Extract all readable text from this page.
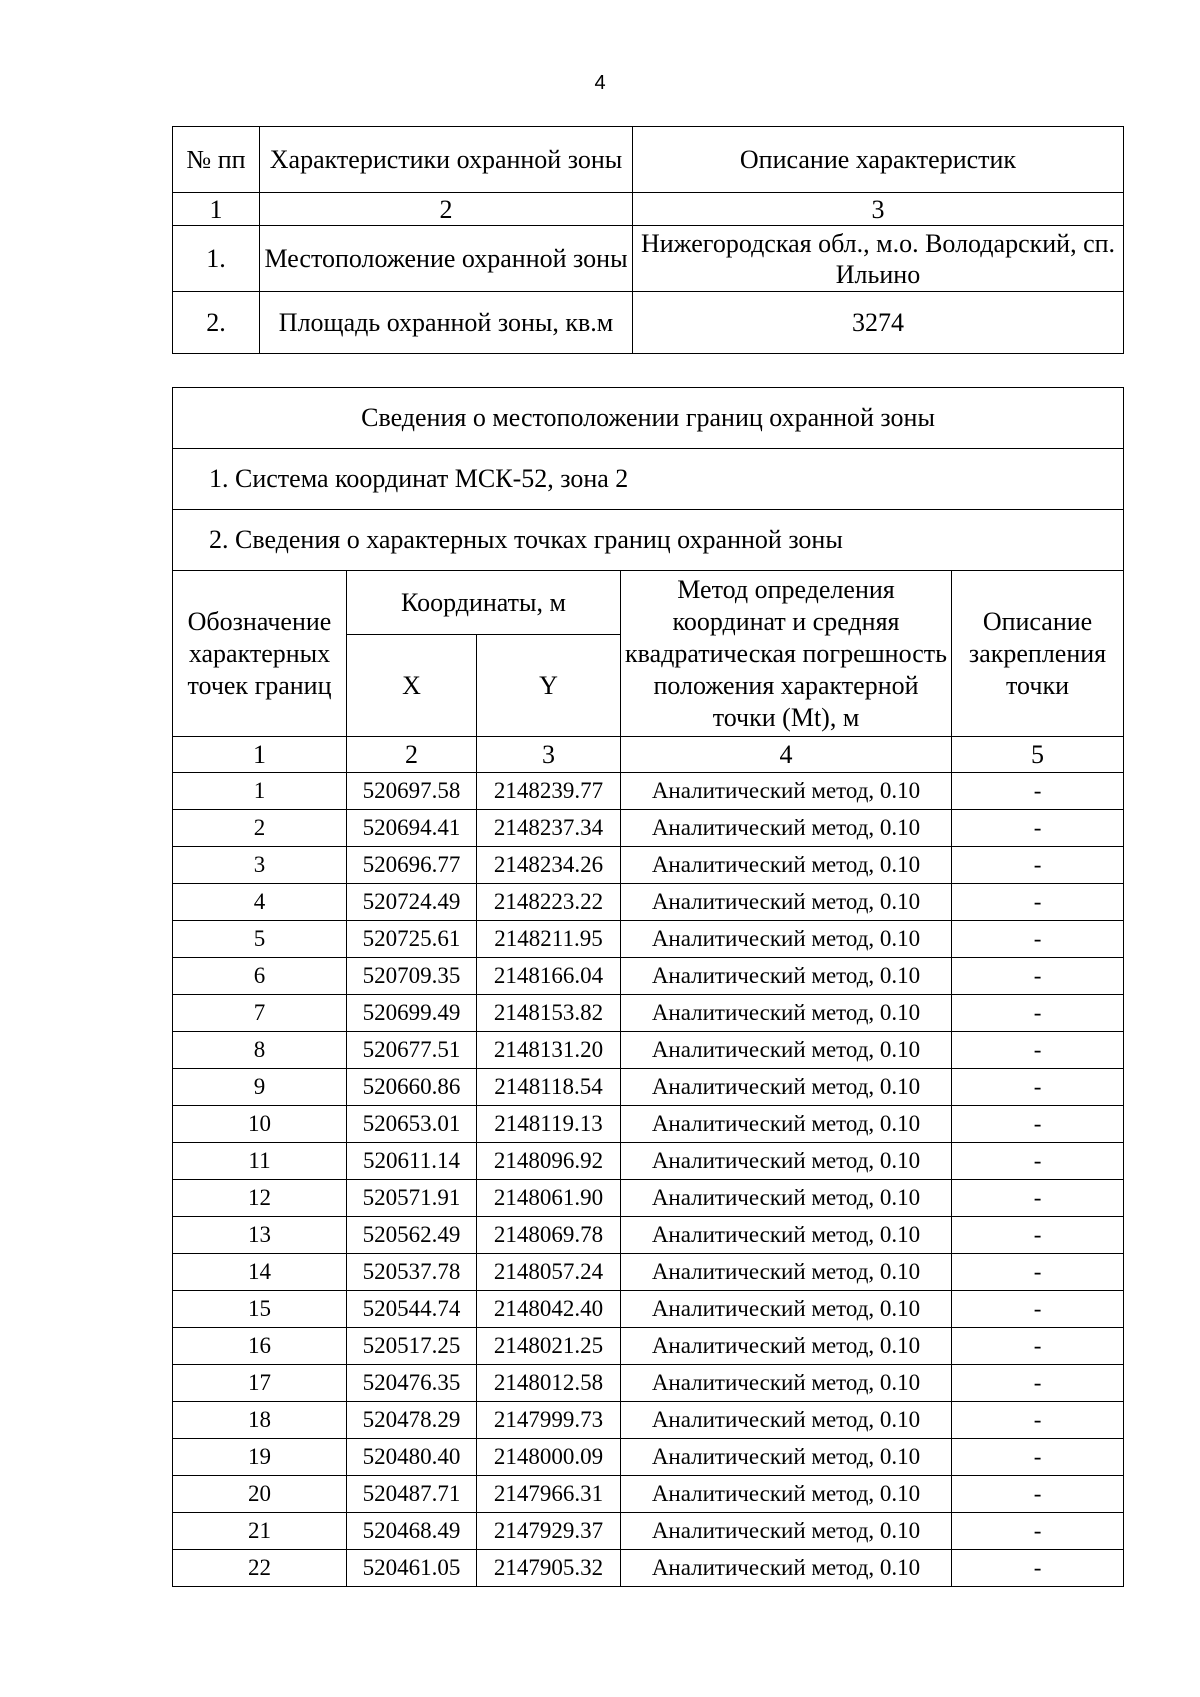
4
№ пп	Характеристики охранной зоны	Описание характеристик
1	2	3
1.	Местоположение охранной зоны	Нижегородская обл., м.о. Володарский, сп. Ильино
2.	Площадь охранной зоны, кв.м	3274
Сведения о местоположении границ охранной зоны				
1. Система координат МСК-52, зона 2				
2. Сведения о характерных точках границ охранной зоны				
Обозначение характерных точек границ	Координаты, м		Метод определения координат и средняя квадратическая погрешность положения характерной точки (Mt), м	Описание закрепления точки
	X	Y		
1	2	3	4	5
1	520697.58	2148239.77	Аналитический метод, 0.10	-
2	520694.41	2148237.34	Аналитический метод, 0.10	-
3	520696.77	2148234.26	Аналитический метод, 0.10	-
4	520724.49	2148223.22	Аналитический метод, 0.10	-
5	520725.61	2148211.95	Аналитический метод, 0.10	-
6	520709.35	2148166.04	Аналитический метод, 0.10	-
7	520699.49	2148153.82	Аналитический метод, 0.10	-
8	520677.51	2148131.20	Аналитический метод, 0.10	-
9	520660.86	2148118.54	Аналитический метод, 0.10	-
10	520653.01	2148119.13	Аналитический метод, 0.10	-
11	520611.14	2148096.92	Аналитический метод, 0.10	-
12	520571.91	2148061.90	Аналитический метод, 0.10	-
13	520562.49	2148069.78	Аналитический метод, 0.10	-
14	520537.78	2148057.24	Аналитический метод, 0.10	-
15	520544.74	2148042.40	Аналитический метод, 0.10	-
16	520517.25	2148021.25	Аналитический метод, 0.10	-
17	520476.35	2148012.58	Аналитический метод, 0.10	-
18	520478.29	2147999.73	Аналитический метод, 0.10	-
19	520480.40	2148000.09	Аналитический метод, 0.10	-
20	520487.71	2147966.31	Аналитический метод, 0.10	-
21	520468.49	2147929.37	Аналитический метод, 0.10	-
22	520461.05	2147905.32	Аналитический метод, 0.10	-
